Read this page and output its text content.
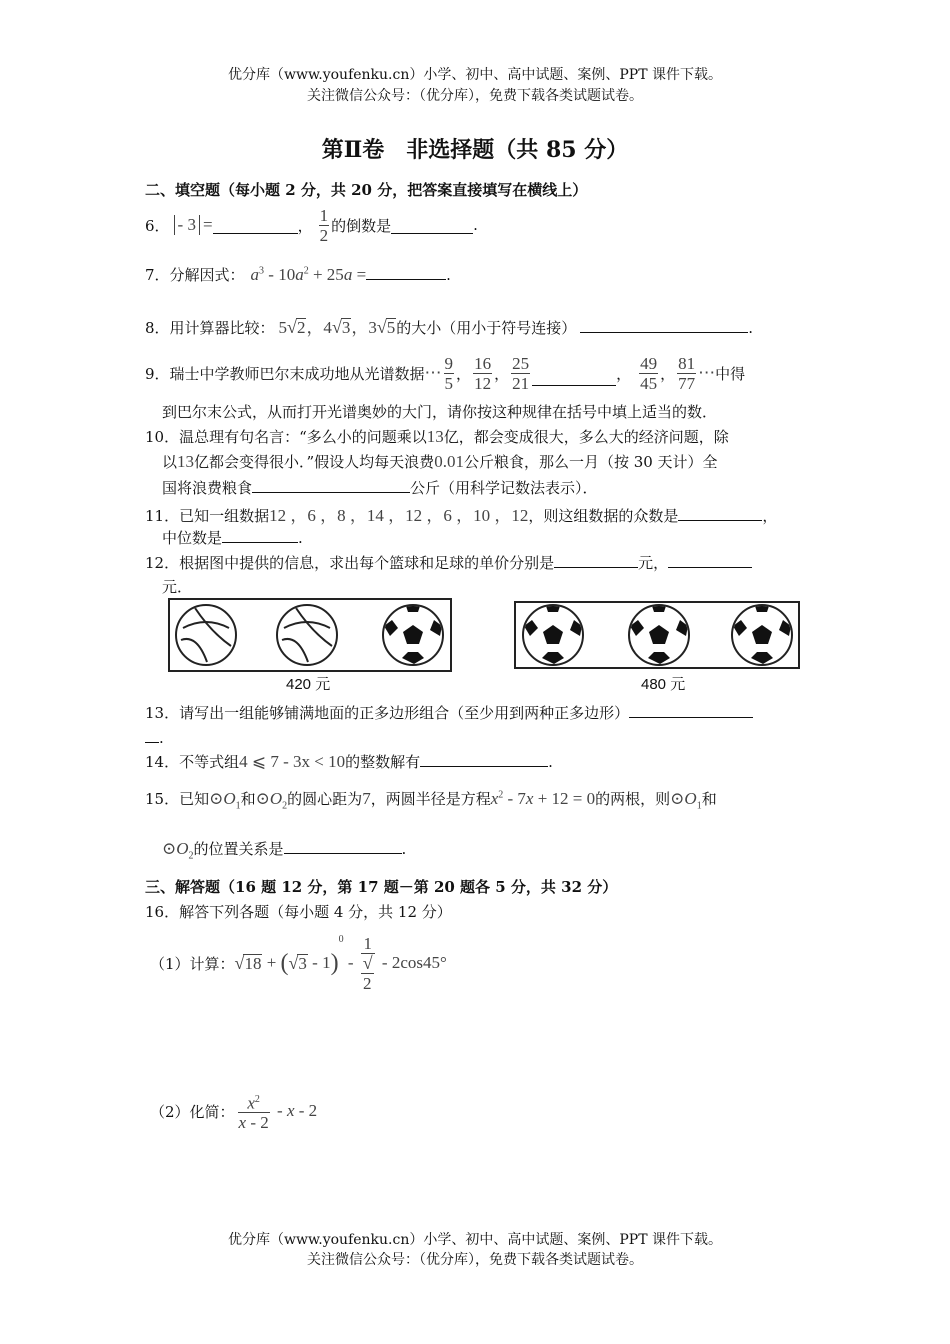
优分库（www.youfenku.cn）小学、初中、高中试题、案例、PPT 课件下载。
关注微信公众号：（优分库），免费下载各类试题试卷。
第Ⅱ卷　非选择题（共 85 分）
二、填空题（每小题 2 分，共 20 分，把答案直接填写在横线上）
6． - 3 =	， $\frac{1}{2}$ 的倒数是	.
7．分解因式： $a^3 - 10a^2 + 25a$ =	.
8．用计算器比较： 5√2，4√3，3√5 的大小（用小于符号连接）	.
9．瑞士中学教师巴尔末成功地从光谱数据 ⋯ $\frac{9}{5}$ ， $\frac{16}{12}$ ， $\frac{25}{21}$	， $\frac{49}{45}$ ， $\frac{81}{77}$ ⋯ 中得
到巴尔末公式，从而打开光谱奥妙的大门，请你按这种规律在括号中填上适当的数．
10．温总理有句名言：“多么小的问题乘以13亿，都会变成很大，多么大的经济问题，除
以13亿都会变得很小．”假设人均每天浪费0.01公斤粮食，那么一月（按 30 天计）全
国将浪费粮食	公斤（用科学记数法表示）．
11．已知一组数据12 ，6 ，8 ，14 ，12 ，6 ，10 ，12，则这组数据的众数是	，
中位数是	.
12．根据图中提供的信息，求出每个篮球和足球的单价分别是	元，
元．
420 元	480 元
13．请写出一组能够铺满地面的正多边形组合（至少用到两种正多边形）
.
14．不等式组4 ⩽ 7 - 3x < 10的整数解有	.
15．已知 $⊙O_1$ 和 $⊙O_2$ 的圆心距为 7 ，两圆半径是方程 $x^2 - 7x + 12 = 0$ 的两根，则 $⊙O_1$ 和
$⊙O_2$ 的位置关系是	.
三、解答题（16 题 12 分，第 17 题－第 20 题各 5 分，共 32 分）
16．解答下列各题（每小题 4 分，共 12 分）
（1）计算： √ 18 + ( √ 3 - 1 )
0
- 1
√
2 - 2cos45°
（2）化简： $\frac{x^2}{x - 2}$ - x - 2
优分库（www.youfenku.cn）小学、初中、高中试题、案例、PPT 课件下载。
关注微信公众号：（优分库），免费下载各类试题试卷。
